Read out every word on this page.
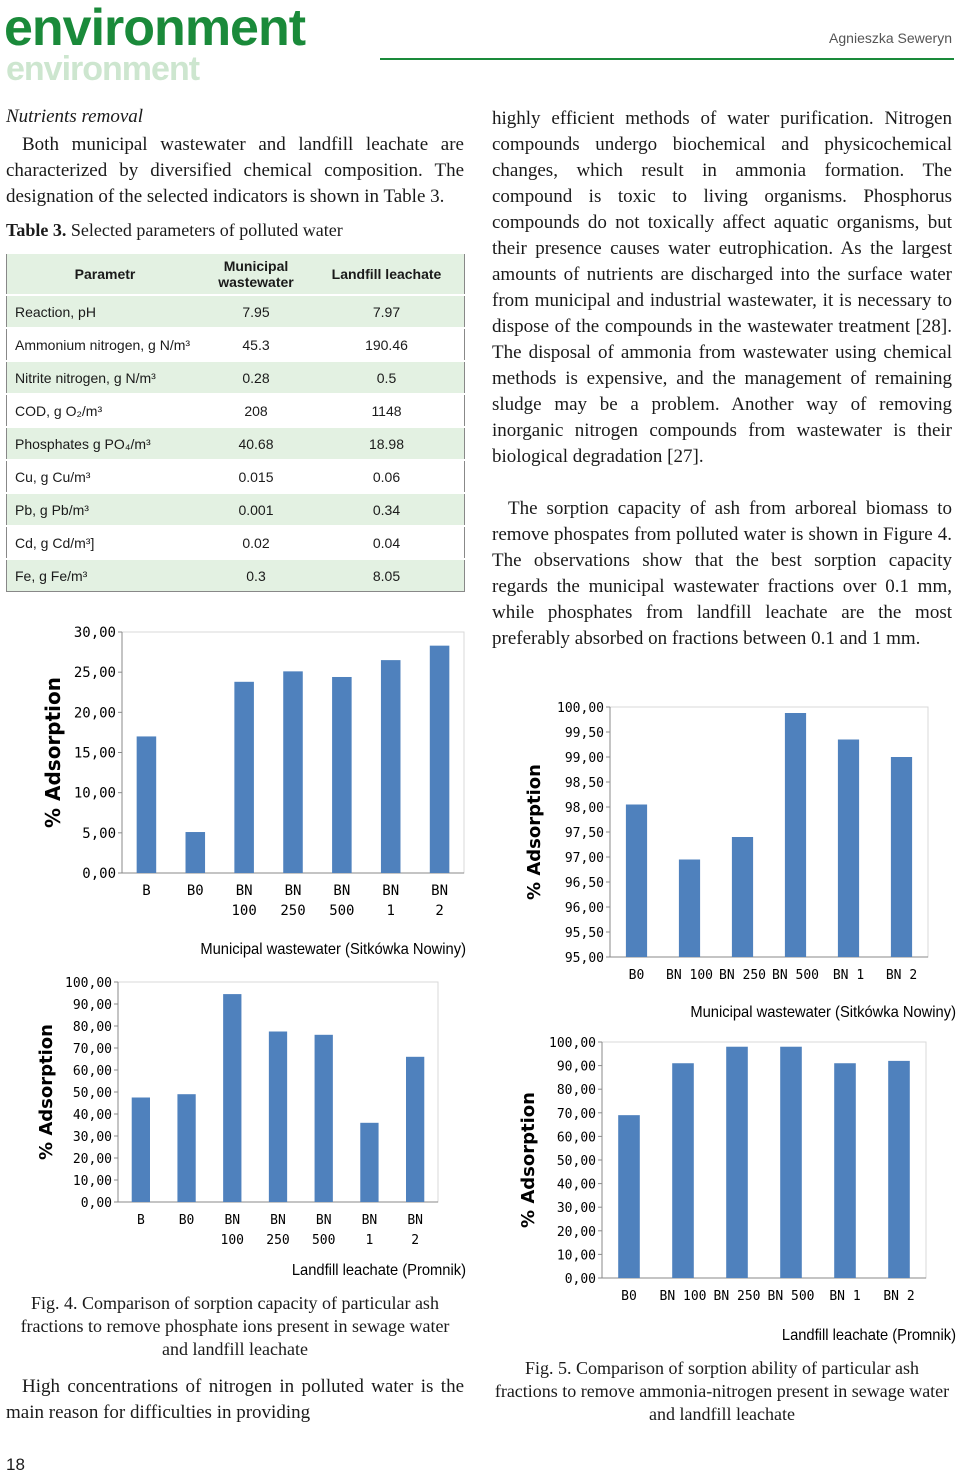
environment
environment
Agnieszka Seweryn
Nutrients removal

Both municipal wastewater and landfill leachate are characterized by diversified chemical composition. The designation of the selected indicators is shown in Table 3.

Table 3. Selected parameters of polluted water
Parametr	Municipal wastewater	Landfill leachate
Reaction, pH	7.95	7.97
Ammonium nitrogen, g N/m³	45.3	190.46
Nitrite nitrogen, g N/m³	0.28	0.5
COD, g O₂/m³	208	1148
Phosphates g PO₄/m³	40.68	18.98
Cu, g Cu/m³	0.015	0.06
Pb, g Pb/m³	0.001	0.34
Cd, g Cd/m³]	0.02	0.04
Fe, g Fe/m³	0.3	8.05
0,00
5,00
10,00
15,00
20,00
25,00
30,00
B	B0 BN
100
BN
250
BN
500
BN
1
BN
2
% Adsorption
Municipal wastewater (Sitkówka Nowiny)
0,00
10,00
20,00
30,00
40,00
50,00
60,00
70,00
80,00
90,00
100,00
B	B0 BN
100
BN
250
BN
500
BN
1
BN
2
% Adsorption
Landfill leachate (Promnik)
95,00
95,50
96,00
96,50
97,00
97,50
98,00
98,50
99,00
99,50
100,00
B0 BN 100 BN 250 BN 500 BN 1 BN 2
% Adsorption
Municipal wastewater (Sitkówka Nowiny)
0,00
10,00
20,00
30,00
40,00
50,00
60,00
70,00
80,00
90,00
100,00
B0 BN 100 BN 250 BN 500 BN 1 BN 2
% Adsorption
Landfill leachate (Promnik)
Fig. 4. Comparison of sorption capacity of particular ash fractions to remove phosphate ions present in sewage water and landfill leachate

High concentrations of nitrogen in polluted water is the main reason for difficulties in providing

highly efficient methods of water purification. Nitrogen compounds undergo biochemical and physicochemical changes, which result in ammonia formation. The compound is toxic to living organisms. Phosphorus compounds do not toxically affect aquatic organisms, but their presence causes water eutrophication. As the largest amounts of nutrients are discharged into the surface water from municipal and industrial wastewater, it is necessary to dispose of the compounds in the wastewater treatment [28]. The disposal of ammonia from wastewater using chemical methods is expensive, and the management of remaining sludge may be a problem. Another way of removing inorganic nitrogen compounds from wastewater is their biological degradation [27].

The sorption capacity of ash from arboreal biomass to remove phospates from polluted water is shown in Figure 4. The observations show that the best sorption capacity regards the municipal wastewater fractions over 0.1 mm, while phosphates from landfill leachate are the most preferably absorbed on fractions between 0.1 and 1 mm.

Fig. 5. Comparison of sorption ability of particular ash fractions to remove ammonia-nitrogen present in sewage water and landfill leachate
18
